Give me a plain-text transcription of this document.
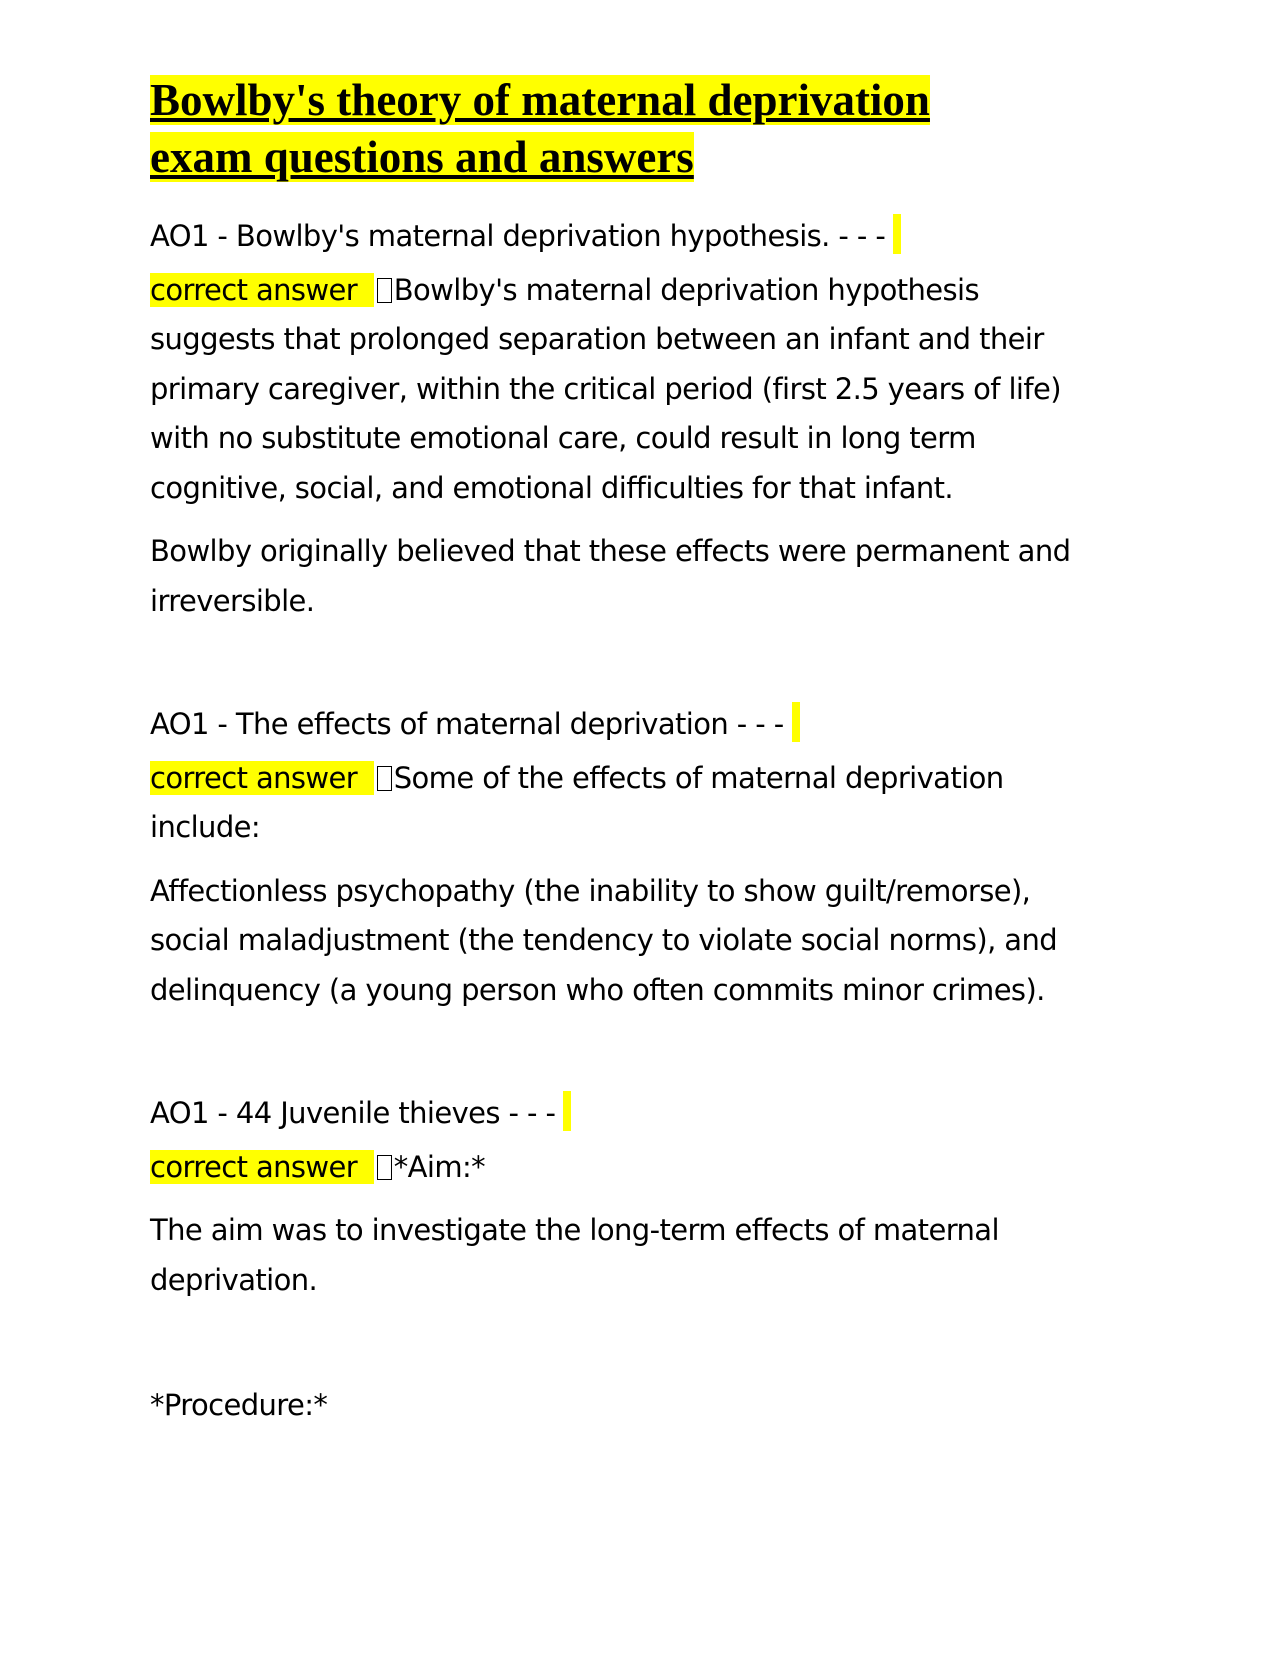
Bowlby's theory of maternal deprivation
exam questions and answers

AO1 - Bowlby's maternal deprivation hypothesis. - - -

correct answer Bowlby's maternal deprivation hypothesis suggests that prolonged separation between an infant and their primary caregiver, within the critical period (first 2.5 years of life) with no substitute emotional care, could result in long term cognitive, social, and emotional difficulties for that infant.

Bowlby originally believed that these effects were permanent and irreversible.

AO1 - The effects of maternal deprivation - - -

correct answer Some of the effects of maternal deprivation include:

Affectionless psychopathy (the inability to show guilt/remorse), social maladjustment (the tendency to violate social norms), and delinquency (a young person who often commits minor crimes).

AO1 - 44 Juvenile thieves - - -

correct answer *Aim:*

The aim was to investigate the long-term effects of maternal deprivation.

*Procedure:*
